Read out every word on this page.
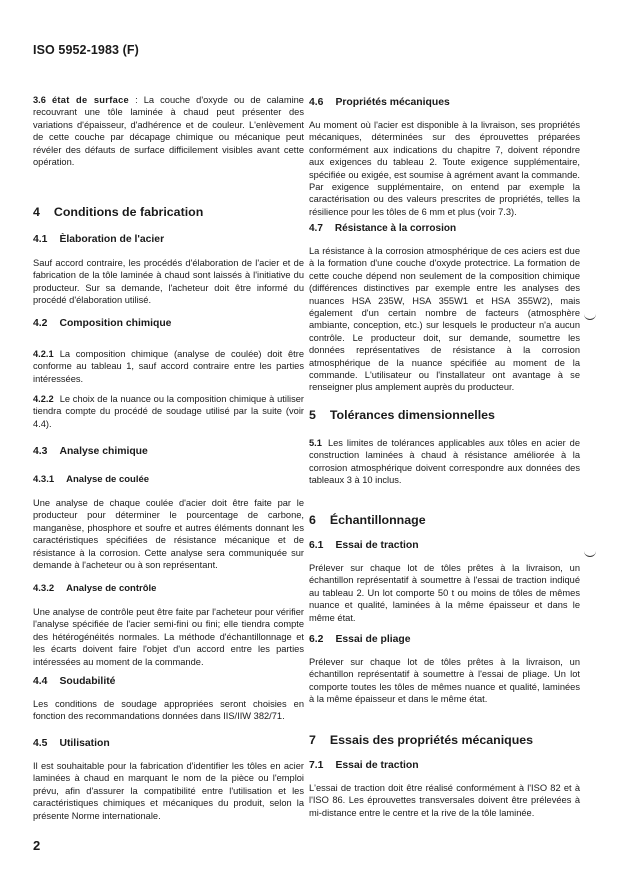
ISO 5952-1983 (F)

3.6 état de surface : La couche d'oxyde ou de calamine recouvrant une tôle laminée à chaud peut présenter des variations d'épaisseur, d'adhérence et de couleur. L'enlèvement de cette couche par décapage chimique ou mécanique peut révéler des défauts de surface difficilement visibles avant cette opération.

4 Conditions de fabrication

4.1 Èlaboration de l'acier

Sauf accord contraire, les procédés d'élaboration de l'acier et de fabrication de la tôle laminée à chaud sont laissés à l'initiative du producteur. Sur sa demande, l'acheteur doit être informé du procédé d'élaboration utilisé.

4.2 Composition chimique

4.2.1 La composition chimique (analyse de coulée) doit être conforme au tableau 1, sauf accord contraire entre les parties intéressées.

4.2.2 Le choix de la nuance ou la composition chimique à utiliser tiendra compte du procédé de soudage utilisé par la suite (voir 4.4).

4.3 Analyse chimique

4.3.1 Analyse de coulée

Une analyse de chaque coulée d'acier doit être faite par le producteur pour déterminer le pourcentage de carbone, manganèse, phosphore et soufre et autres éléments donnant les caractéristiques spécifiées de résistance mécanique et de résistance à la corrosion. Cette analyse sera communiquée sur demande à l'acheteur ou à son représentant.

4.3.2 Analyse de contrôle

Une analyse de contrôle peut être faite par l'acheteur pour vérifier l'analyse spécifiée de l'acier semi-fini ou fini; elle tiendra compte des hétérogénéités normales. La méthode d'échantillonnage et les écarts doivent faire l'objet d'un accord entre les parties intéressées au moment de la commande.

4.4 Soudabilité

Les conditions de soudage appropriées seront choisies en fonction des recommandations données dans IIS/IIW 382/71.

4.5 Utilisation

Il est souhaitable pour la fabrication d'identifier les tôles en acier laminées à chaud en marquant le nom de la pièce ou l'emploi prévu, afin d'assurer la compatibilité entre l'utilisation et les caractéristiques chimiques et mécaniques du produit, selon la présente Norme internationale.

4.6 Propriétés mécaniques

Au moment où l'acier est disponible à la livraison, ses propriétés mécaniques, déterminées sur des éprouvettes préparées conformément aux indications du chapitre 7, doivent répondre aux exigences du tableau 2. Toute exigence supplémentaire, spécifiée ou exigée, est soumise à agrément avant la commande. Par exigence supplémentaire, on entend par exemple la caractérisation ou des valeurs prescrites de propriétés, telles la résilience pour les tôles de 6 mm et plus (voir 7.3).

4.7 Résistance à la corrosion

La résistance à la corrosion atmosphérique de ces aciers est due à la formation d'une couche d'oxyde protectrice. La formation de cette couche dépend non seulement de la composition chimique (différences distinctives par exemple entre les analyses des nuances HSA 235W, HSA 355W1 et HSA 355W2), mais également d'un certain nombre de facteurs (atmosphère ambiante, conception, etc.) sur lesquels le producteur n'a aucun contrôle. Le producteur doit, sur demande, soumettre les données représentatives de résistance à la corrosion atmosphérique de la nuance spécifiée au moment de la commande. L'utilisateur ou l'installateur ont avantage à se renseigner plus amplement auprès du producteur.

5 Tolérances dimensionnelles

5.1 Les limites de tolérances applicables aux tôles en acier de construction laminées à chaud à résistance améliorée à la corrosion atmosphérique doivent correspondre aux données des tableaux 3 à 10 inclus.

6 Échantillonnage

6.1 Essai de traction

Prélever sur chaque lot de tôles prêtes à la livraison, un échantillon représentatif à soumettre à l'essai de traction indiqué au tableau 2. Un lot comporte 50 t ou moins de tôles de mêmes nuance et qualité, laminées à la même épaisseur et dans le même état.

6.2 Essai de pliage

Prélever sur chaque lot de tôles prêtes à la livraison, un échantillon représentatif à soumettre à l'essai de pliage. Un lot comporte toutes les tôles de mêmes nuance et qualité, laminées à la même épaisseur et dans le même état.

7 Essais des propriétés mécaniques

7.1 Essai de traction

L'essai de traction doit être réalisé conformément à l'ISO 82 et à l'ISO 86. Les éprouvettes transversales doivent être prélevées à mi-distance entre le centre et la rive de la tôle laminée.

2
